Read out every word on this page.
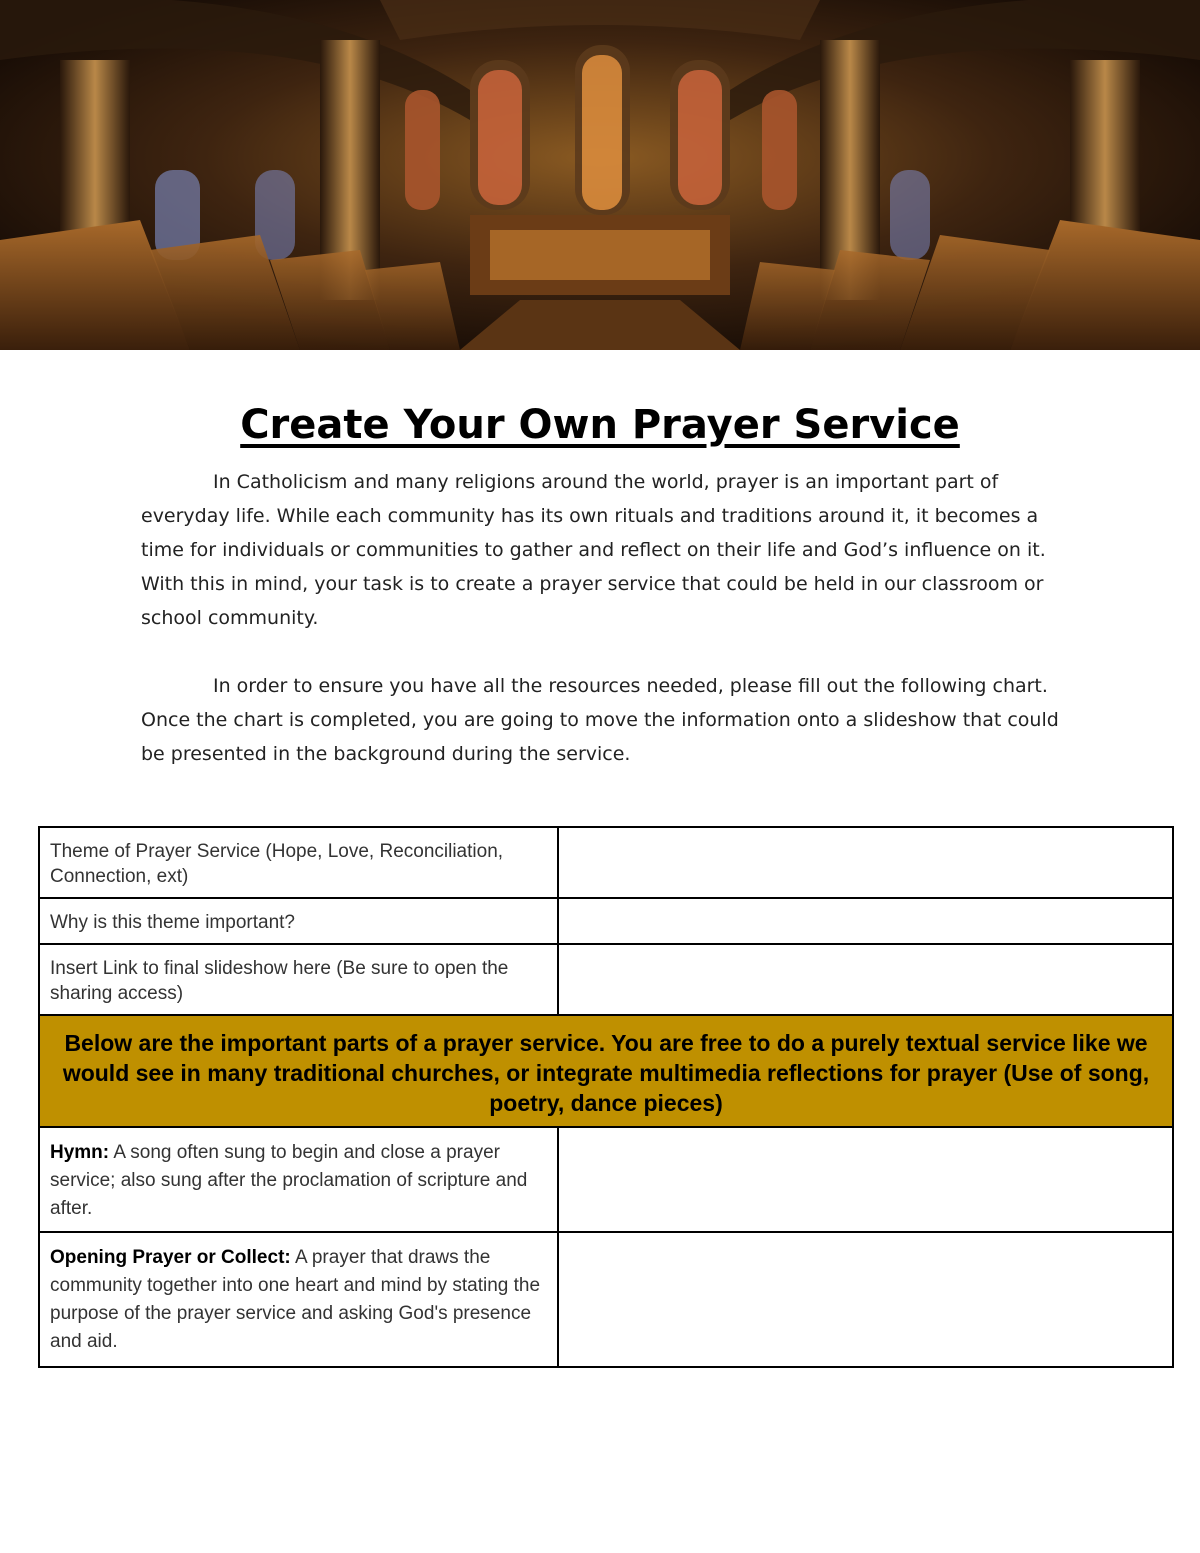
Create Your Own Prayer Service

In Catholicism and many religions around the world, prayer is an important part of everyday life. While each community has its own rituals and traditions around it, it becomes a time for individuals or communities to gather and reflect on their life and God’s influence on it. With this in mind, your task is to create a prayer service that could be held in our classroom or school community.

In order to ensure you have all the resources needed, please fill out the following chart. Once the chart is completed, you are going to move the information onto a slideshow that could be presented in the background during the service.

Theme of Prayer Service (Hope, Love, Reconciliation, Connection, ext)	
Why is this theme important?	
Insert Link to final slideshow here (Be sure to open the sharing access)	
Below are the important parts of a prayer service. You are free to do a purely textual service like we would see in many traditional churches, or integrate multimedia reflections for prayer (Use of song, poetry, dance pieces)	
Hymn: A song often sung to begin and close a prayer service; also sung after the proclamation of scripture and after.	
Opening Prayer or Collect: A prayer that draws the community together into one heart and mind by stating the purpose of the prayer service and asking God's presence and aid.	
